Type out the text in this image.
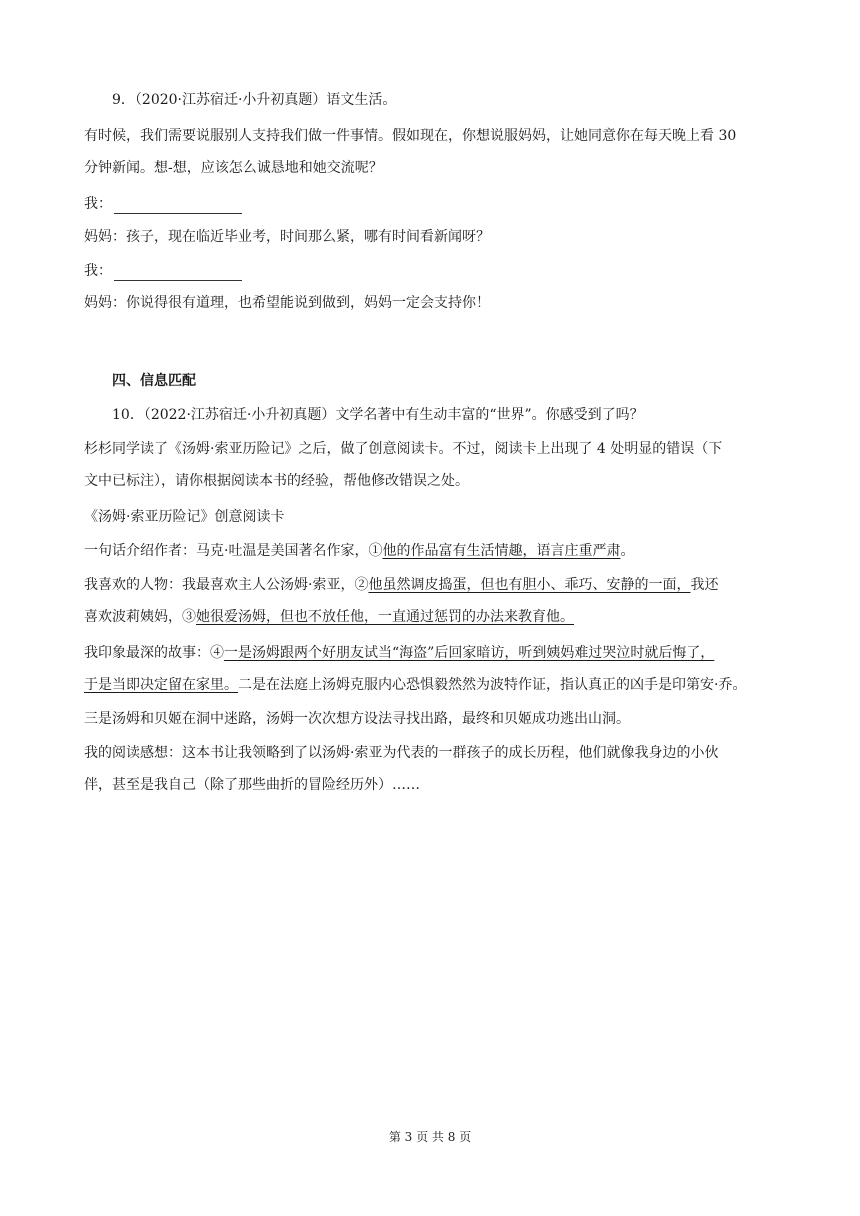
9．（2020·江苏宿迁·小升初真题）语文生活。
有时候，我们需要说服别人支持我们做一件事情。假如现在，你想说服妈妈，让她同意你在每天晚上看 30
分钟新闻。想-想，应该怎么诚恳地和她交流呢？
我：
妈妈：孩子，现在临近毕业考，时间那么紧，哪有时间看新闻呀？
我：
妈妈：你说得很有道理，也希望能说到做到，妈妈一定会支持你！
四、信息匹配
10．（2022·江苏宿迁·小升初真题）文学名著中有生动丰富的“世界”。你感受到了吗？
杉杉同学读了《汤姆·索亚历险记》之后，做了创意阅读卡。不过，阅读卡上出现了 4 处明显的错误（下
文中已标注），请你根据阅读本书的经验，帮他修改错误之处。
《汤姆·索亚历险记》创意阅读卡
一句话介绍作者：马克·吐温是美国著名作家，①他的作品富有生活情趣，语言庄重严肃。
我喜欢的人物：我最喜欢主人公汤姆·索亚，②他虽然调皮捣蛋，但也有胆小、乖巧、安静的一面，我还
喜欢波莉姨妈，③她很爱汤姆，但也不放任他，一直通过惩罚的办法来教育他。
我印象最深的故事：④一是汤姆跟两个好朋友试当“海盗”后回家暗访，听到姨妈难过哭泣时就后悔了，
于是当即决定留在家里。二是在法庭上汤姆克服内心恐惧毅然然为波特作证，指认真正的凶手是印第安·乔。
三是汤姆和贝姬在洞中迷路，汤姆一次次想方设法寻找出路，最终和贝姬成功逃出山洞。
我的阅读感想：这本书让我领略到了以汤姆·索亚为代表的一群孩子的成长历程，他们就像我身边的小伙
伴，甚至是我自己（除了那些曲折的冒险经历外）……
第 3 页 共 8 页
